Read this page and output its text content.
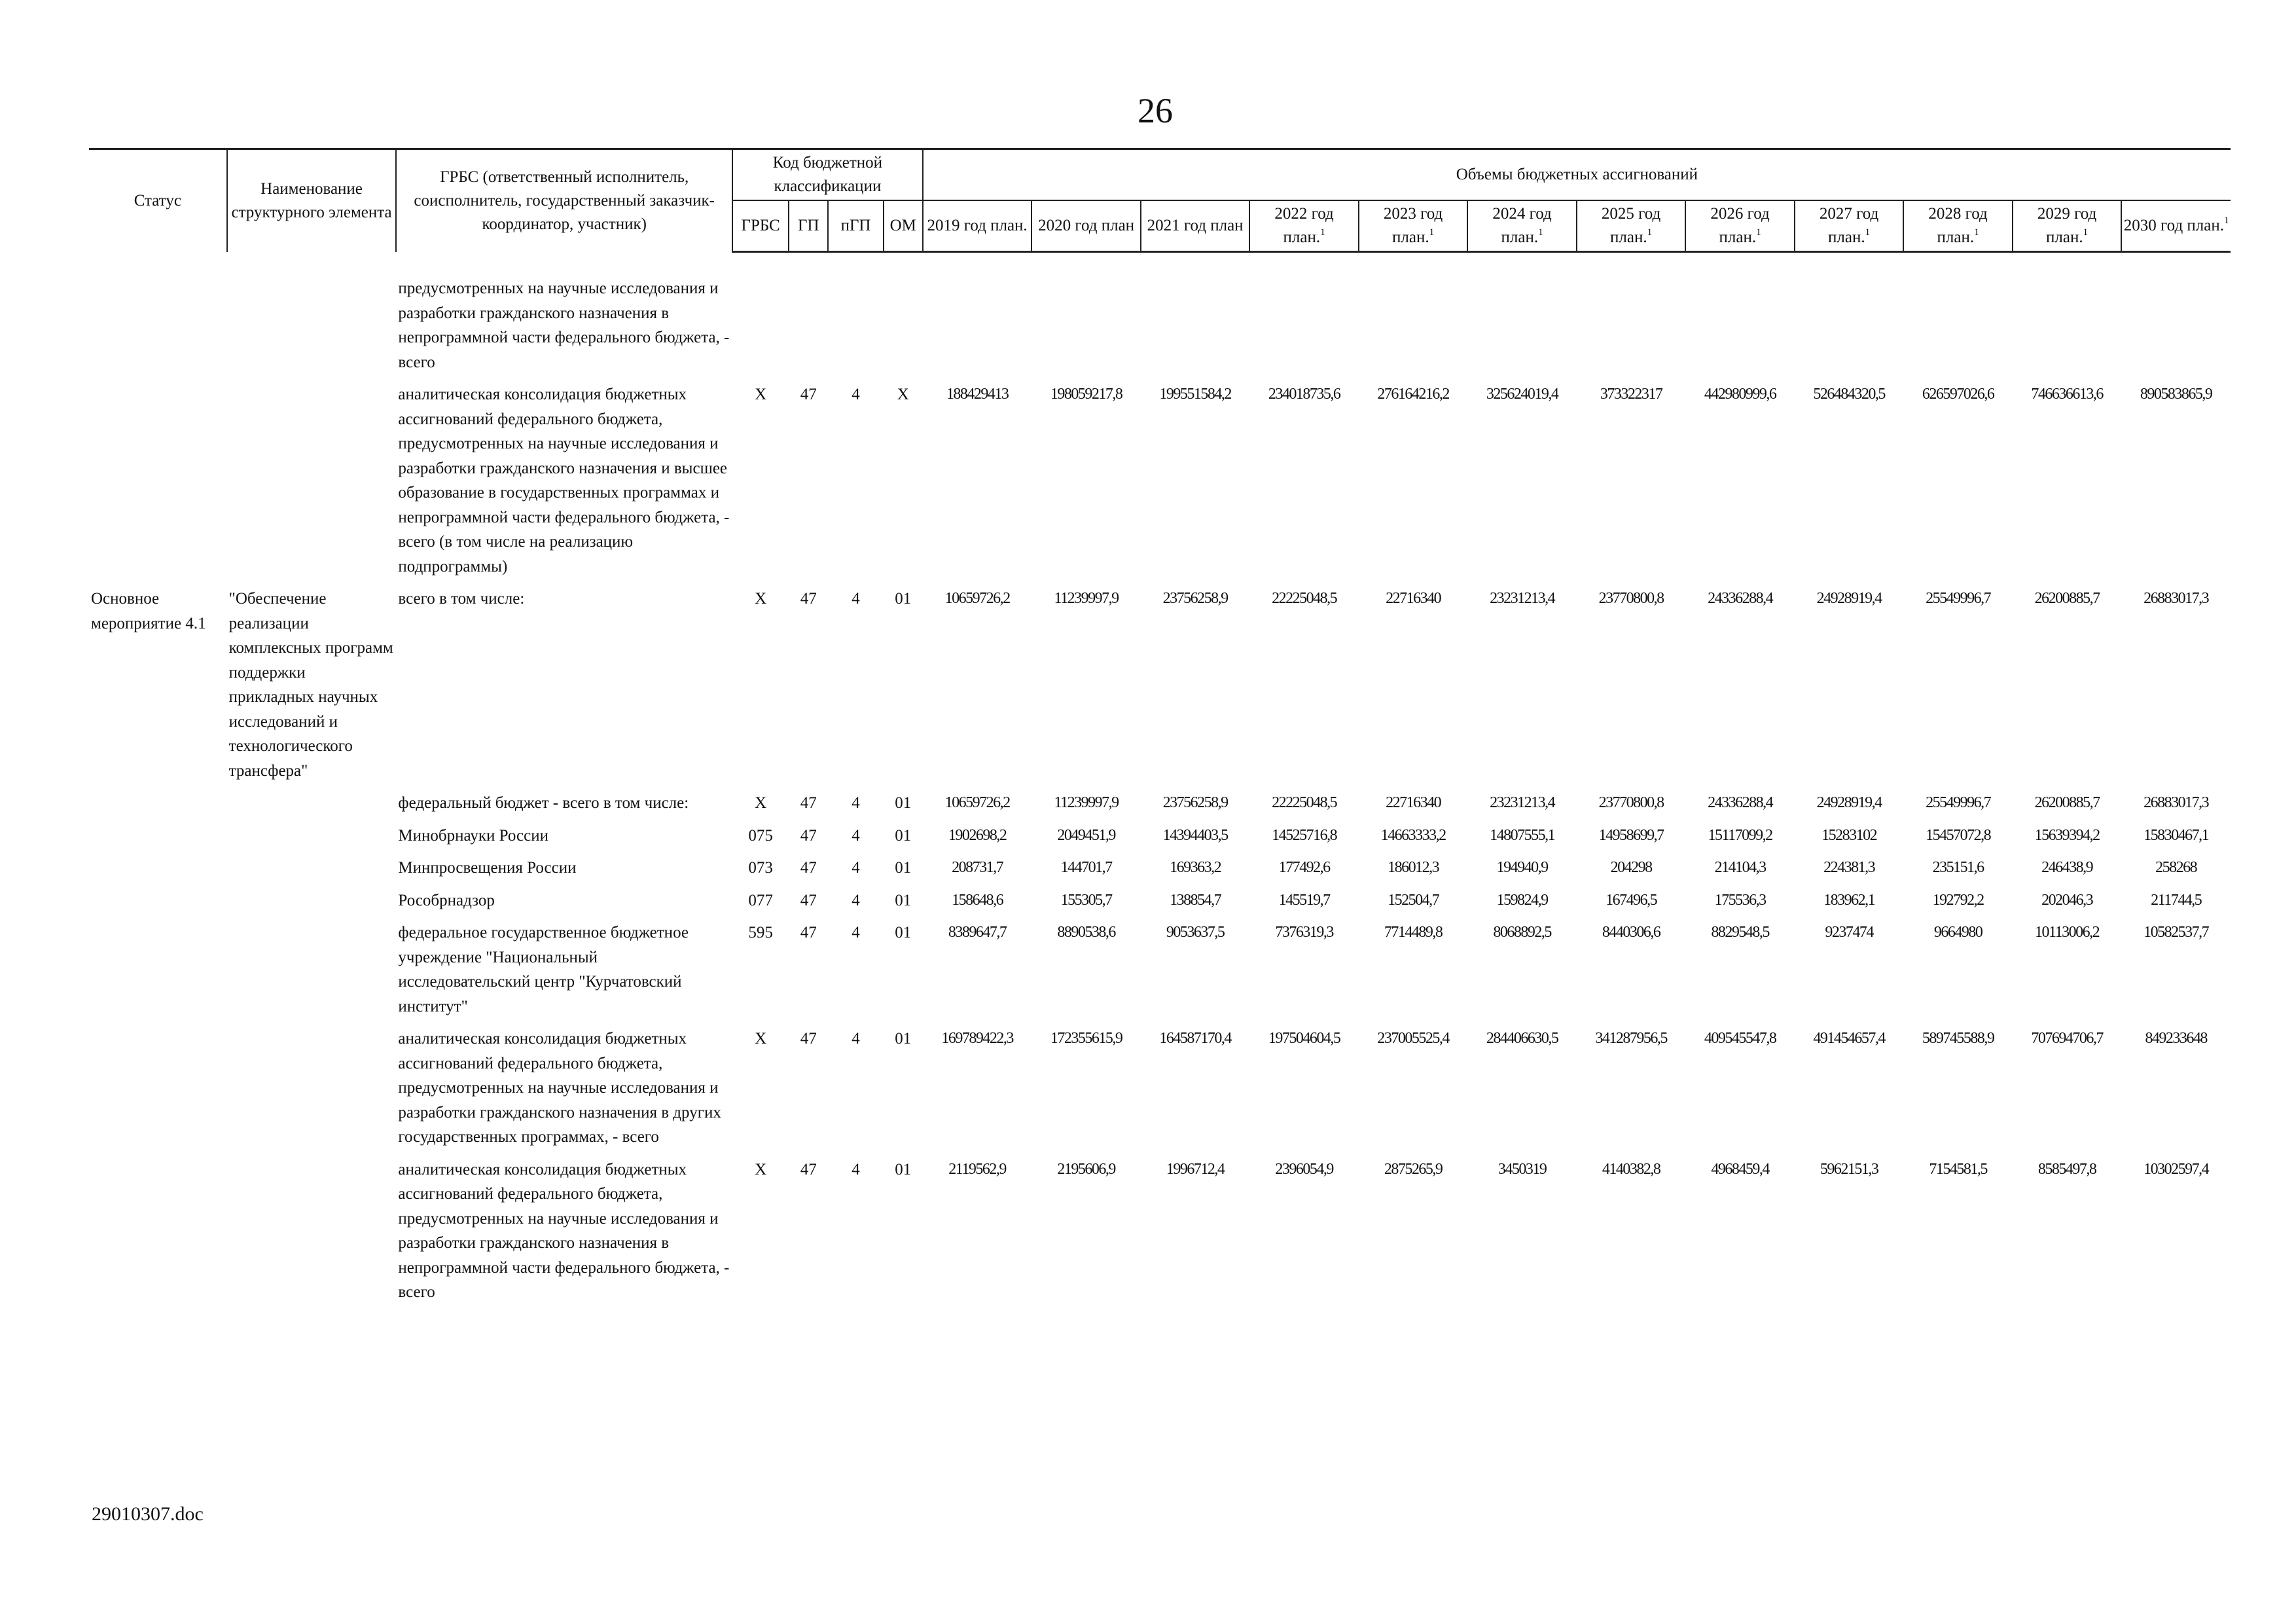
26
Статус	Наименование структурного элемента	ГРБС (ответственный исполнитель, соисполнитель, государственный заказчик-координатор, участник)	Код бюджетной классификации				Объемы бюджетных ассигнований											
			ГРБС	ГП	пГП	ОМ	2019 год план.	2020 год план	2021 год план	2022 год план.$^1$	2023 год план.$^1$	2024 год план.$^1$	2025 год план.$^1$	2026 год план.$^1$	2027 год план.$^1$	2028 год план.$^1$	2029 год план.$^1$	2030 год план.$^1$

		предусмотренных на научные исследования и разработки гражданского назначения в непрограммной части федерального бюджета, - всего																
		аналитическая консолидация бюджетных ассигнований федерального бюджета, предусмотренных на научные исследования и разработки гражданского назначения и высшее образование в государственных программах и непрограммной части федерального бюджета, - всего (в том числе на реализацию подпрограммы)	Х	47	4	Х	188429413	198059217,8	199551584,2	234018735,6	276164216,2	325624019,4	373322317	442980999,6	526484320,5	626597026,6	746636613,6	890583865,9
Основное мероприятие 4.1	"Обеспечение реализации комплексных программ поддержки прикладных научных исследований и технологического трансфера"	всего в том числе:	Х	47	4	01	10659726,2	11239997,9	23756258,9	22225048,5	22716340	23231213,4	23770800,8	24336288,4	24928919,4	25549996,7	26200885,7	26883017,3
		федеральный бюджет - всего в том числе:	Х	47	4	01	10659726,2	11239997,9	23756258,9	22225048,5	22716340	23231213,4	23770800,8	24336288,4	24928919,4	25549996,7	26200885,7	26883017,3
		Минобрнауки России	075	47	4	01	1902698,2	2049451,9	14394403,5	14525716,8	14663333,2	14807555,1	14958699,7	15117099,2	15283102	15457072,8	15639394,2	15830467,1
		Минпросвещения России	073	47	4	01	208731,7	144701,7	169363,2	177492,6	186012,3	194940,9	204298	214104,3	224381,3	235151,6	246438,9	258268
		Рособрнадзор	077	47	4	01	158648,6	155305,7	138854,7	145519,7	152504,7	159824,9	167496,5	175536,3	183962,1	192792,2	202046,3	211744,5
		федеральное государственное бюджетное учреждение "Национальный исследовательский центр "Курчатовский институт"	595	47	4	01	8389647,7	8890538,6	9053637,5	7376319,3	7714489,8	8068892,5	8440306,6	8829548,5	9237474	9664980	10113006,2	10582537,7
		аналитическая консолидация бюджетных ассигнований федерального бюджета, предусмотренных на научные исследования и разработки гражданского назначения в других государственных программах, - всего	Х	47	4	01	169789422,3	172355615,9	164587170,4	197504604,5	237005525,4	284406630,5	341287956,5	409545547,8	491454657,4	589745588,9	707694706,7	849233648
		аналитическая консолидация бюджетных ассигнований федерального бюджета, предусмотренных на научные исследования и разработки гражданского назначения в непрограммной части федерального бюджета, - всего	Х	47	4	01	2119562,9	2195606,9	1996712,4	2396054,9	2875265,9	3450319	4140382,8	4968459,4	5962151,3	7154581,5	8585497,8	10302597,4
29010307.doc
